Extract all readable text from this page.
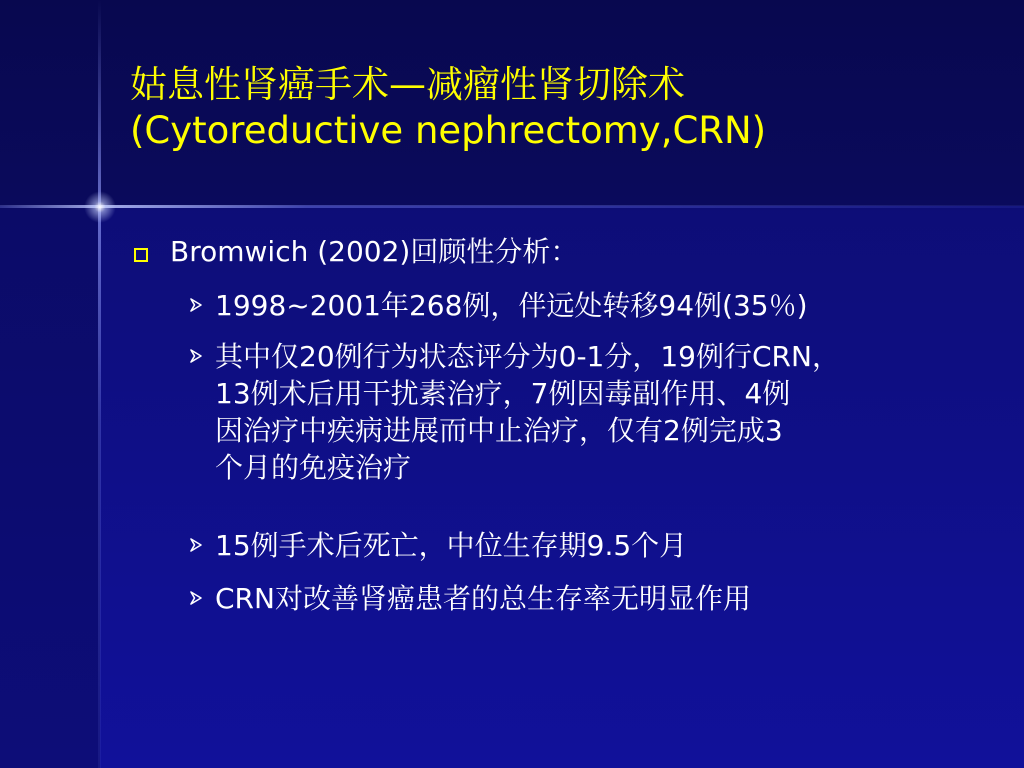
姑息性肾癌手术—减瘤性肾切除术
(Cytoreductive nephrectomy,CRN)
Bromwich (2002)回顾性分析：
1998~2001年268例，伴远处转移94例(35％)
其中仅20例行为状态评分为0-1分，19例行CRN，
13例术后用干扰素治疗，7例因毒副作用、4例
因治疗中疾病进展而中止治疗，仅有2例完成3
个月的免疫治疗
15例手术后死亡，中位生存期9.5个月
CRN对改善肾癌患者的总生存率无明显作用
